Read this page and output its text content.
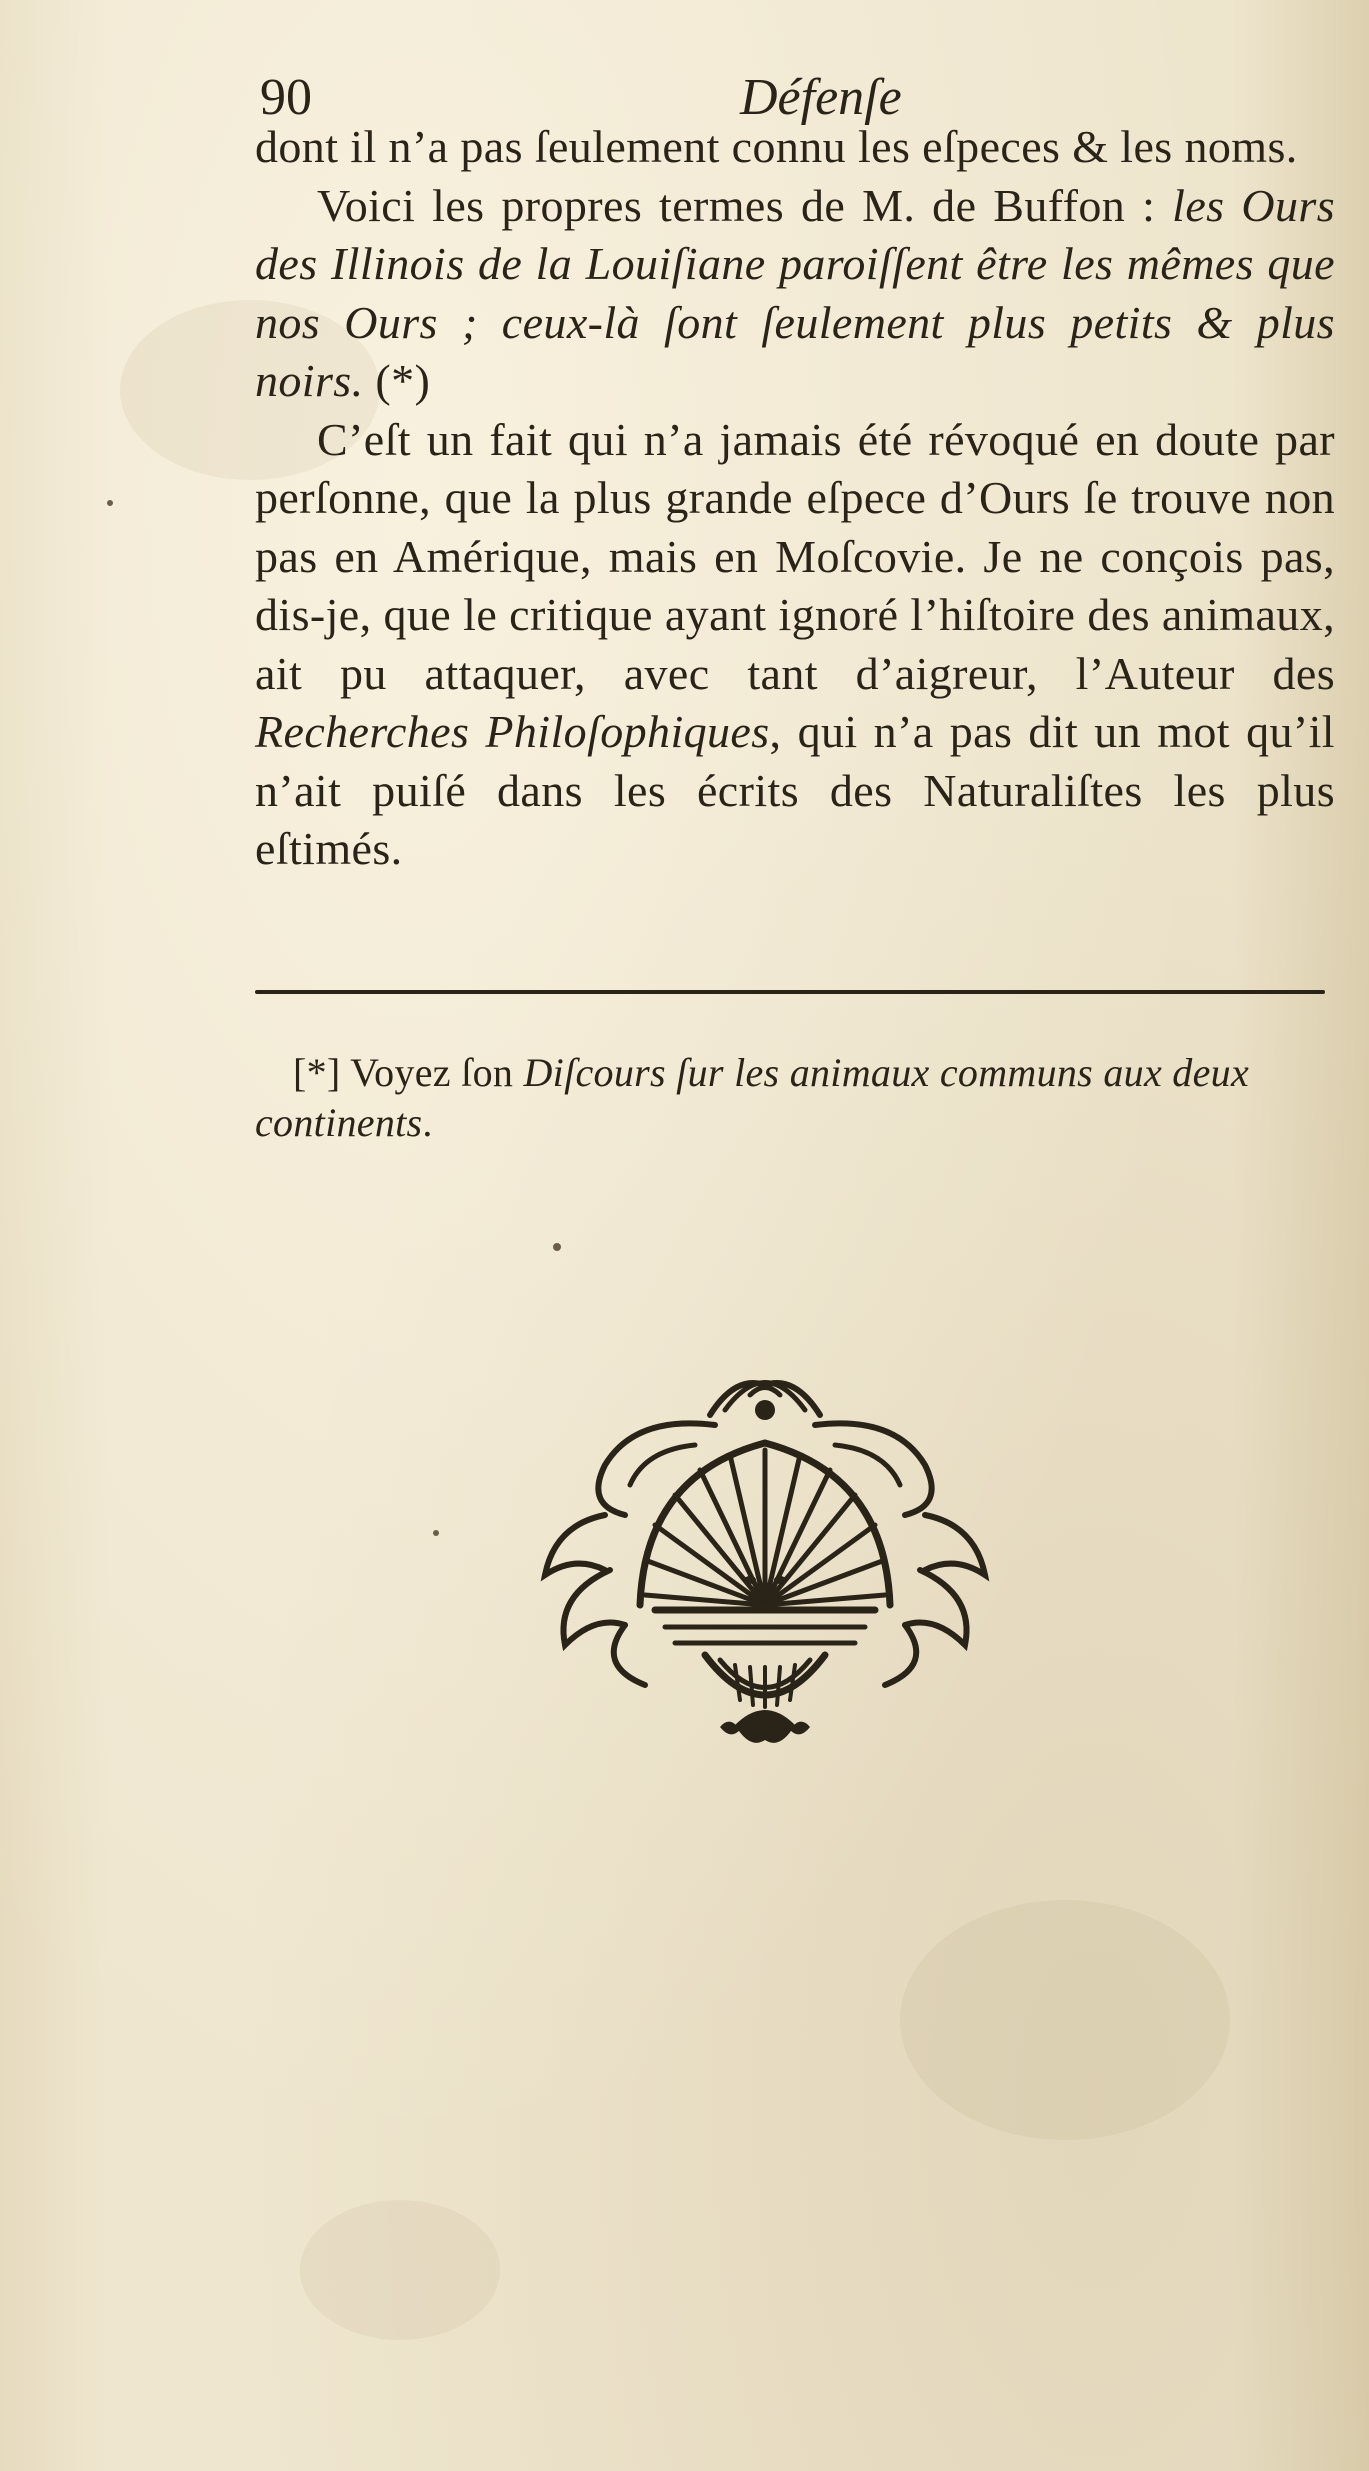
90	Défenſe

dont il n’a pas ſeulement connu les eſpeces & les noms.

Voici les propres termes de M. de Buffon : les Ours des Illinois de la Louiſiane paroiſſent être les mêmes que nos Ours ; ceux-là ſont ſeulement plus petits & plus noirs. (*)

C’eſt un fait qui n’a jamais été révoqué en doute par perſonne, que la plus grande eſpece d’Ours ſe trouve non pas en Amérique, mais en Moſcovie. Je ne conçois pas, dis-je, que le critique ayant ignoré l’hiſtoire des animaux, ait pu attaquer, avec tant d’aigreur, l’Auteur des Recherches Philoſophiques, qui n’a pas dit un mot qu’il n’ait puiſé dans les écrits des Naturaliſtes les plus eſtimés.

[*] Voyez ſon Diſcours ſur les animaux communs aux deux continents.
